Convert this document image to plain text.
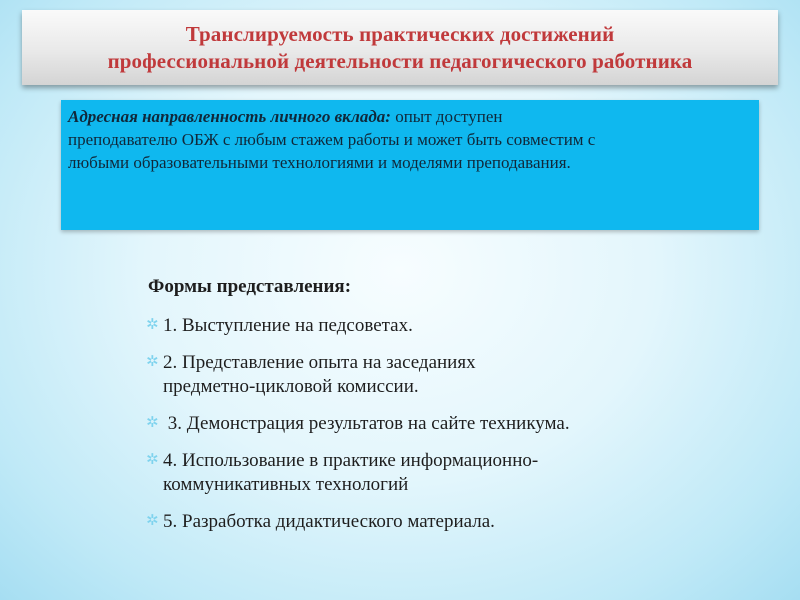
Транслируемость практических достижений
профессиональной деятельности педагогического работника
Адресная направленность личного вклада: опыт доступен
преподавателю ОБЖ с любым стажем работы и может быть совместим с
любыми образовательными технологиями и моделями преподавания.
Формы представления:
✲ 1. Выступление на педсоветах.
✲ 2. Представление опыта на заседаниях
предметно-цикловой комиссии.
✲ 3. Демонстрация результатов на сайте техникума.
✲ 4. Использование в практике информационно-
коммуникативных технологий
✲ 5. Разработка дидактического материала.
